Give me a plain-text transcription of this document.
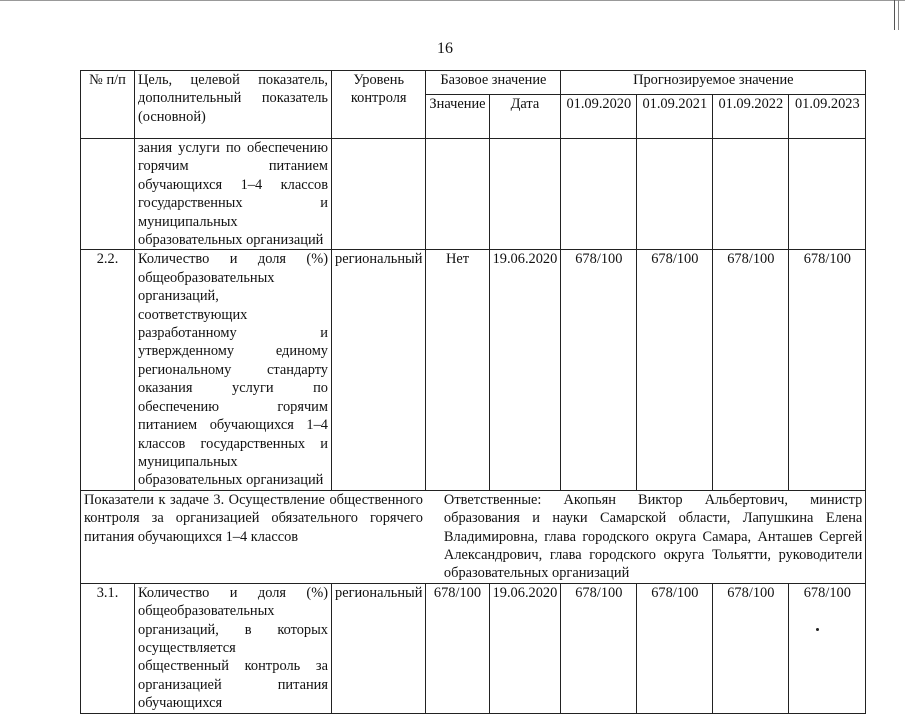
16
№ п/п	Цель, целевой показатель, дополнительный показатель (основной)	Уровень контроля	Базовое значение		Прогнозируемое значение			
			Значение	Дата	01.09.2020	01.09.2021	01.09.2022	01.09.2023
	зания услуги по обеспечению горячим питанием обучающихся 1–4 классов государственных и муниципальных образовательных организаций							
2.2.	Количество и доля (%) общеобразовательных организаций, соответствующих разработанному и утвержденному единому региональному стандарту оказания услуги по обеспечению горячим питанием обучающихся 1–4 классов государственных и муниципальных образовательных организаций	региональный	Нет	19.06.2020	678/100	678/100	678/100	678/100
Показатели к задаче 3. Осуществление общественного контроля за организацией обязательного горячего питания обучающихся 1–4 классов			Ответственные: Акопьян Виктор Альбертович, министр образования и науки Самарской области, Лапушкина Елена Владимировна, глава городского округа Самара, Анташев Сергей Александрович, глава городского округа Тольятти, руководители образовательных организаций					
3.1.	Количество и доля (%) общеобразовательных организаций, в которых осуществляется общественный контроль за организацией питания обучающихся	региональный	678/100	19.06.2020	678/100	678/100	678/100	678/100
